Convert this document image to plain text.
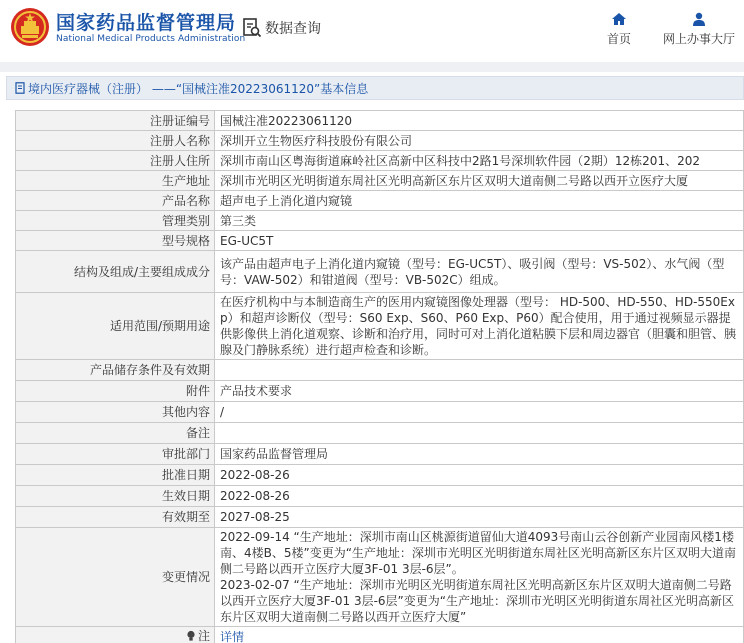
国家药品监督管理局
National Medical Products Administration
数据查询
首页	网上办事大厅
境内医疗器械（注册） ——“国械注准20223061120”基本信息
注册证编号	国械注准20223061120
注册人名称	深圳开立生物医疗科技股份有限公司
注册人住所	深圳市南山区粤海街道麻岭社区高新中区科技中2路1号深圳软件园（2期）12栋201、202
生产地址	深圳市光明区光明街道东周社区光明高新区东片区双明大道南侧二号路以西开立医疗大厦
产品名称	超声电子上消化道内窥镜
管理类别	第三类
型号规格	EG-UC5T
结构及组成/主要组成成分	该产品由超声电子上消化道内窥镜（型号：EG-UC5T）、吸引阀（型号：VS-502）、水气阀（型号：VAW-502）和钳道阀（型号：VB-502C）组成。
适用范围/预期用途	在医疗机构中与本制造商生产的医用内窥镜图像处理器（型号： HD-500、HD-550、HD-550Exp）和超声诊断仪（型号：S60 Exp、S60、P60 Exp、P60）配合使用，用于通过视频显示器提供影像供上消化道观察、诊断和治疗用，同时可对上消化道粘膜下层和周边器官（胆囊和胆管、胰腺及门静脉系统）进行超声检查和诊断。
产品储存条件及有效期	
附件	产品技术要求
其他内容	/
备注	
审批部门	国家药品监督管理局
批准日期	2022-08-26
生效日期	2022-08-26
有效期至	2027-08-25
变更情况	2022-09-14 “生产地址：深圳市南山区桃源街道留仙大道4093号南山云谷创新产业园南风楼1楼南、4楼B、5楼”变更为“生产地址：深圳市光明区光明街道东周社区光明高新区东片区双明大道南侧二号路以西开立医疗大厦3F-01 3层-6层”。
2023-02-07 “生产地址：深圳市光明区光明街道东周社区光明高新区东片区双明大道南侧二号路以西开立医疗大厦3F-01 3层-6层”变更为“生产地址：深圳市光明区光明街道东周社区光明高新区东片区双明大道南侧二号路以西开立医疗大厦”

注	详情
